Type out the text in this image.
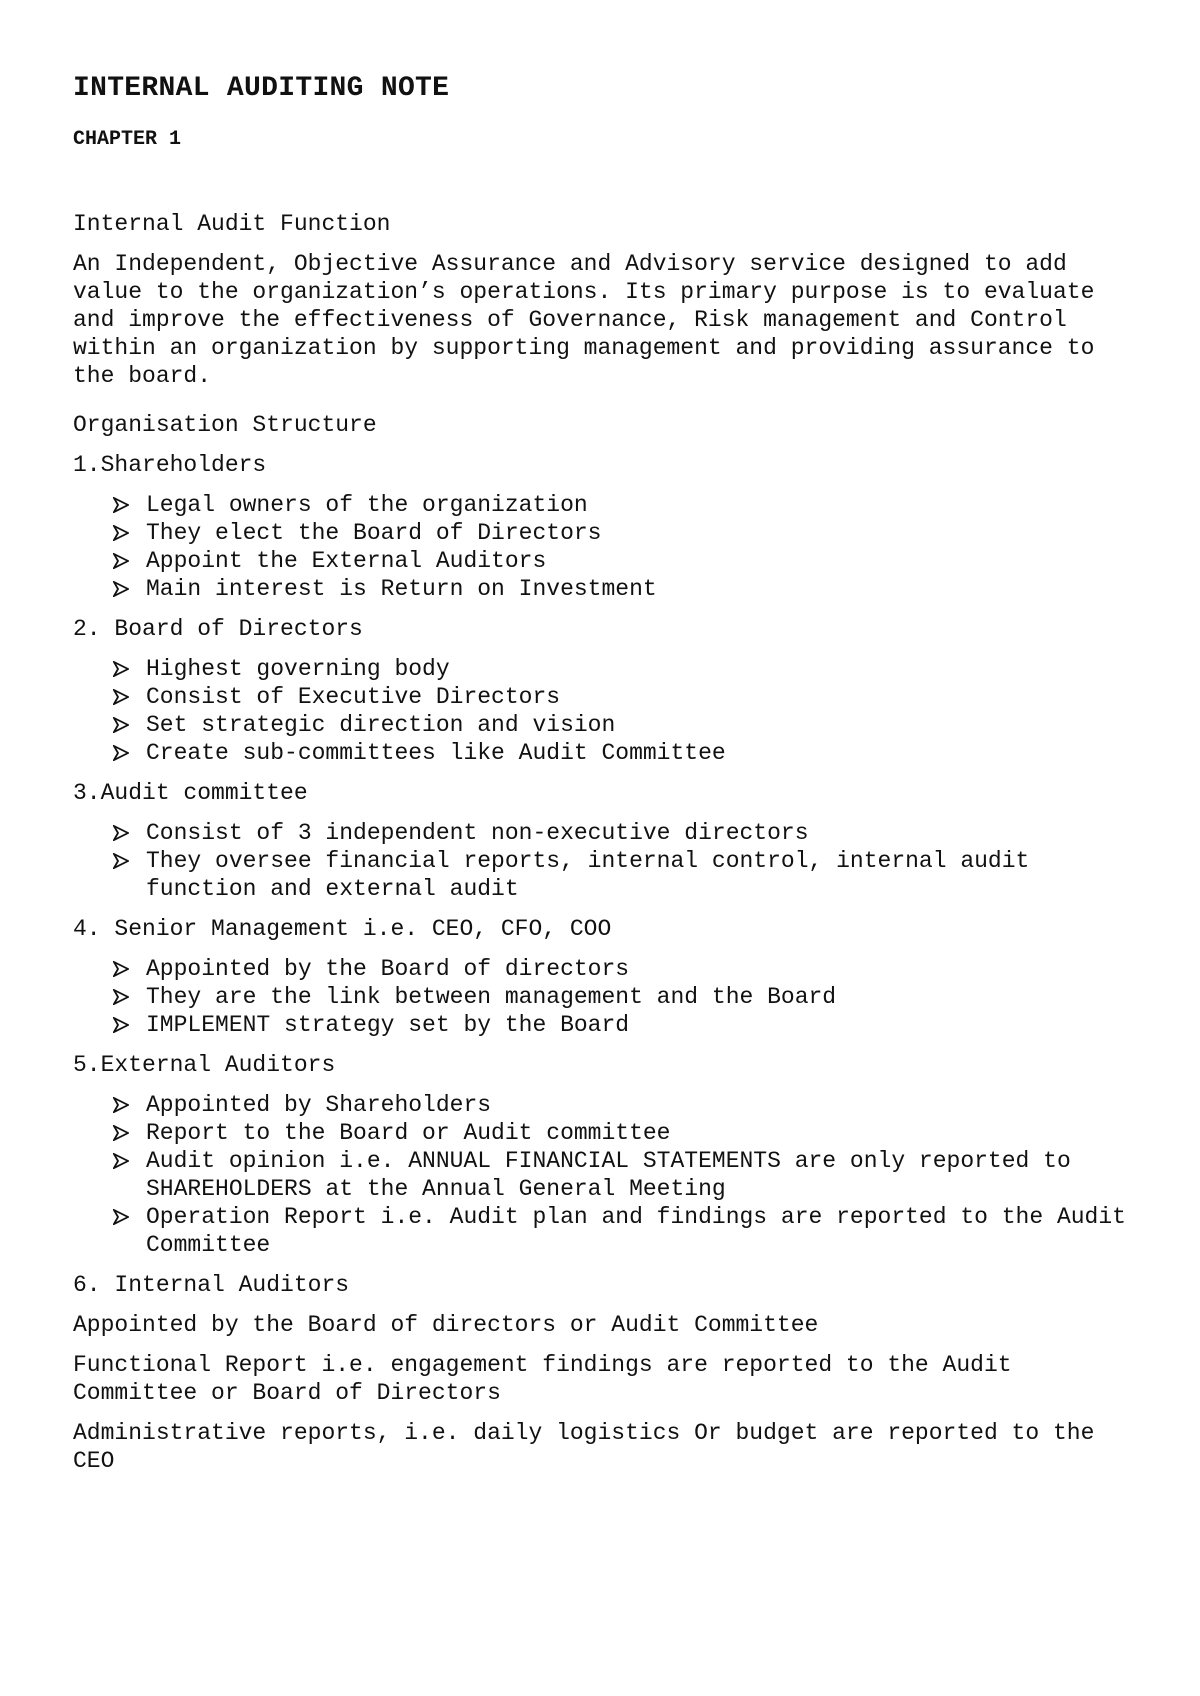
INTERNAL AUDITING NOTE
CHAPTER 1

Internal Audit Function

An Independent, Objective Assurance and Advisory service designed to add value to the organization’s operations. Its primary purpose is to evaluate and improve the effectiveness of Governance, Risk management and Control within an organization by supporting management and providing assurance to the board.

Organisation Structure

1.Shareholders

Legal owners of the organization
They elect the Board of Directors
Appoint the External Auditors
Main interest is Return on Investment

2. Board of Directors

Highest governing body
Consist of Executive Directors
Set strategic direction and vision
Create sub-committees like Audit Committee

3.Audit committee

Consist of 3 independent non-executive directors
They oversee financial reports, internal control, internal audit function and external audit

4. Senior Management i.e. CEO, CFO, COO

Appointed by the Board of directors
They are the link between management and the Board
IMPLEMENT strategy set by the Board

5.External Auditors

Appointed by Shareholders
Report to the Board or Audit committee
Audit opinion i.e. ANNUAL FINANCIAL STATEMENTS are only reported to SHAREHOLDERS at the Annual General Meeting
Operation Report i.e. Audit plan and findings are reported to the Audit Committee

6. Internal Auditors

Appointed by the Board of directors or Audit Committee

Functional Report i.e. engagement findings are reported to the Audit Committee or Board of Directors

Administrative reports, i.e. daily logistics Or budget are reported to the CEO
